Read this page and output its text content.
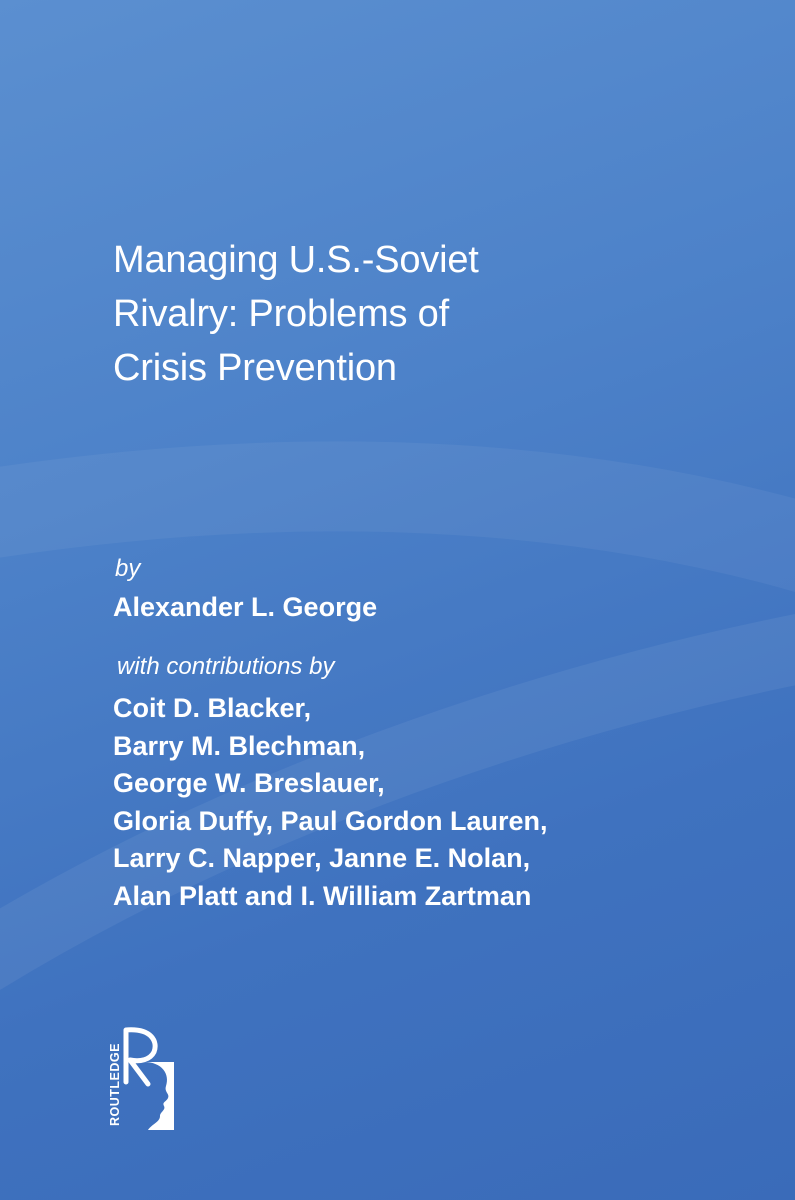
Managing U.S.-Soviet
Rivalry: Problems of
Crisis Prevention
by
Alexander L. George
with contributions by
Coit D. Blacker,
Barry M. Blechman,
George W. Breslauer,
Gloria Duffy, Paul Gordon Lauren,
Larry C. Napper, Janne E. Nolan,
Alan Platt and I. William Zartman
ROUTLEDGE
